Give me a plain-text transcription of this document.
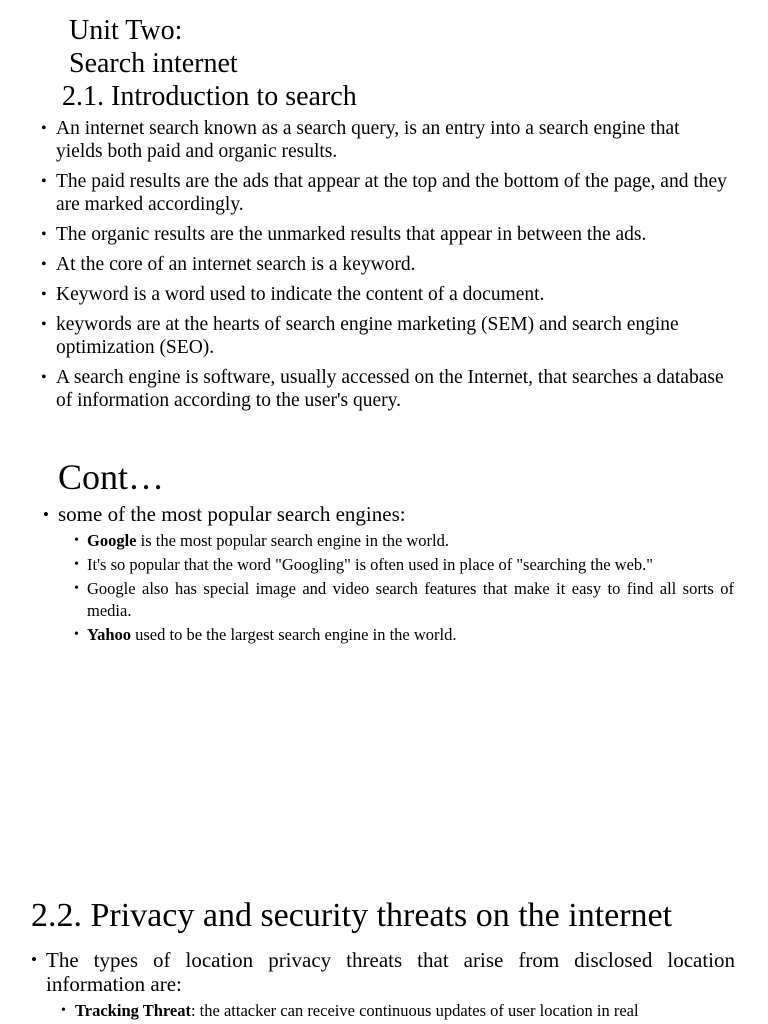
Unit Two:
Search internet
2.1. Introduction to search
• An internet search known as a search query, is an entry into a search engine that yields both paid and organic results.
• The paid results are the ads that appear at the top and the bottom of the page, and they are marked accordingly.
• The organic results are the unmarked results that appear in between the ads.
• At the core of an internet search is a keyword.
• Keyword is a word used to indicate the content of a document.
• keywords are at the hearts of search engine marketing (SEM) and search engine optimization (SEO).
• A search engine is software, usually accessed on the Internet, that searches a database of information according to the user's query.
Cont…
• some of the most popular search engines:
• Google is the most popular search engine in the world.
• It's so popular that the word "Googling" is often used in place of "searching the web."
• Google also has special image and video search features that make it easy to find all sorts of media.
• Yahoo used to be the largest search engine in the world.
2.2. Privacy and security threats on the internet
• The types of location privacy threats that arise from disclosed location information are:
• Tracking Threat: the attacker can receive continuous updates of user location in real
